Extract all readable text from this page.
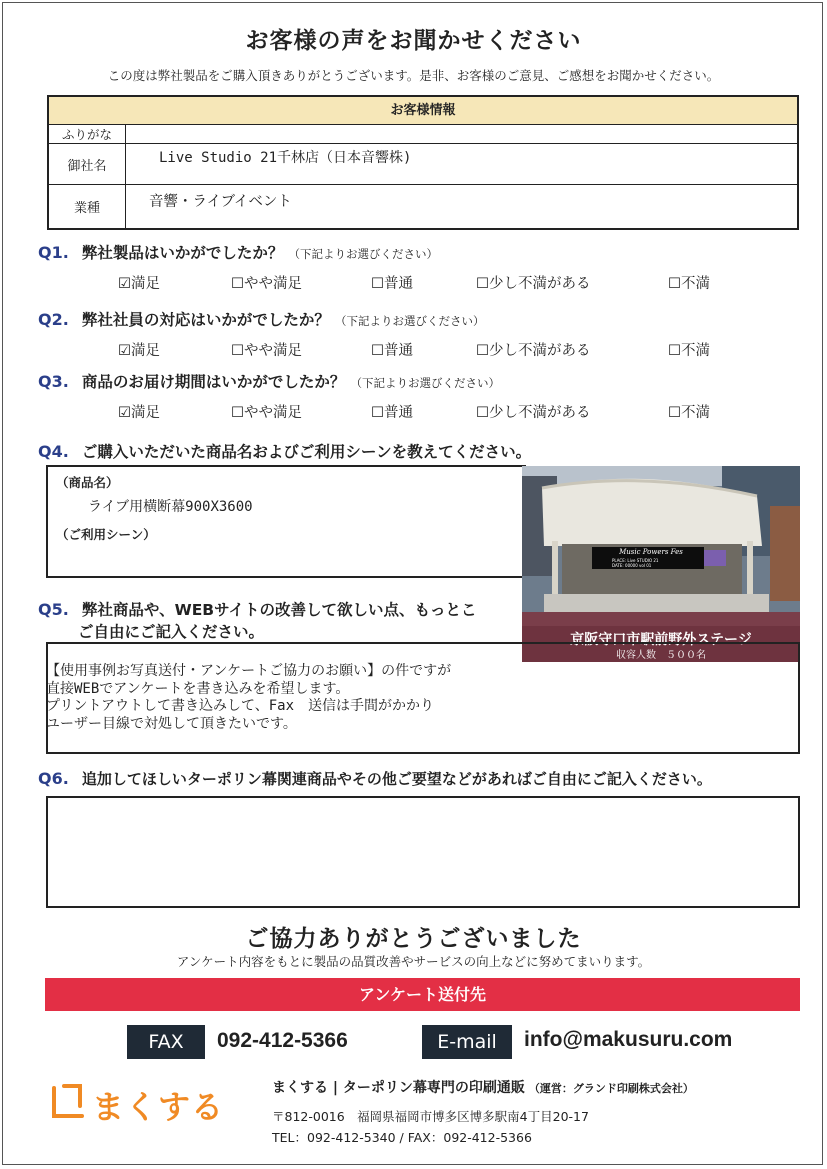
お客様の声をお聞かせください
この度は弊社製品をご購入頂きありがとうございます。是非、お客様のご意見、ご感想をお聞かせください。
お客様情報
ふりがな
御社名	Live Studio 21千林店（日本音響株)
業種	音響・ライブイベント
Q1. 弊社製品はいかがでしたか？ （下記よりお選びください）
☑満足	☐やや満足	☐普通	☐少し不満がある	☐不満
Q2. 弊社社員の対応はいかがでしたか？ （下記よりお選びください）
☑満足	☐やや満足	☐普通	☐少し不満がある	☐不満
Q3. 商品のお届け期間はいかがでしたか？ （下記よりお選びください）
☑満足	☐やや満足	☐普通	☐少し不満がある	☐不満
Q4. ご購入いただいた商品名およびご利用シーンを教えてください。
（商品名）
ライブ用横断幕900X3600
（ご利用シーン）
Music Powers Fes
PLACE: Live STUDIO 21
DATE: 00000 vol 01
京阪守口市駅前野外ステージ
収容人数　５００名
Q5. 弊社商品や、WEBサイトの改善して欲しい点、もっとこ
ご自由にご記入ください。
【使用事例お写真送付・アンケートご協力のお願い】の件ですが
直接WEBでアンケートを書き込みを希望します。
プリントアウトして書き込みして、Fax　送信は手間がかかり
ユーザー目線で対処して頂きたいです。
Q6. 追加してほしいターポリン幕関連商品やその他ご要望などがあればご自由にご記入ください。
ご協力ありがとうございました
アンケート内容をもとに製品の品質改善やサービスの向上などに努めてまいります。
アンケート送付先
FAX	092-412-5366	E-mail	info@makusuru.com
まくする	まくする | ターポリン幕専門の印刷通販 （運営：グランド印刷株式会社）
〒812-0016　福岡県福岡市博多区博多駅南4丁目20-17
TEL：092-412-5340 / FAX：092-412-5366
